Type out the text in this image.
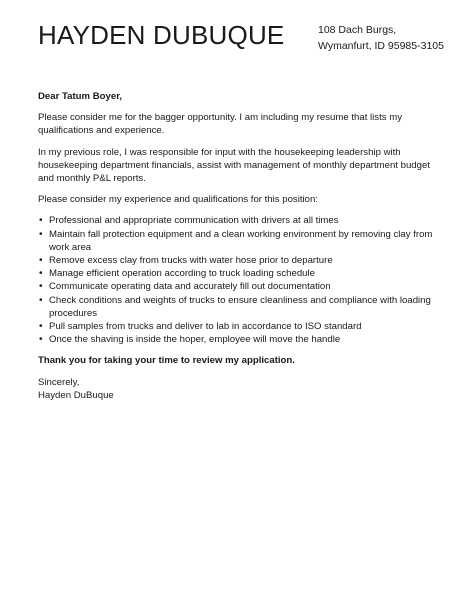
HAYDEN DUBUQUE	108 Dach Burgs,
Wymanfurt, ID 95985-3105

Dear Tatum Boyer,

Please consider me for the bagger opportunity. I am including my resume that lists my qualifications and experience.

In my previous role, I was responsible for input with the housekeeping leadership with housekeeping department financials, assist with management of monthly department budget and monthly P&L reports.

Please consider my experience and qualifications for this position:

• Professional and appropriate communication with drivers at all times
• Maintain fall protection equipment and a clean working environment by removing clay from work area
• Remove excess clay from trucks with water hose prior to departure
• Manage efficient operation according to truck loading schedule
• Communicate operating data and accurately fill out documentation
• Check conditions and weights of trucks to ensure cleanliness and compliance with loading procedures
• Pull samples from trucks and deliver to lab in accordance to ISO standard
• Once the shaving is inside the hoper, employee will move the handle

Thank you for taking your time to review my application.

Sincerely,
Hayden DuBuque
